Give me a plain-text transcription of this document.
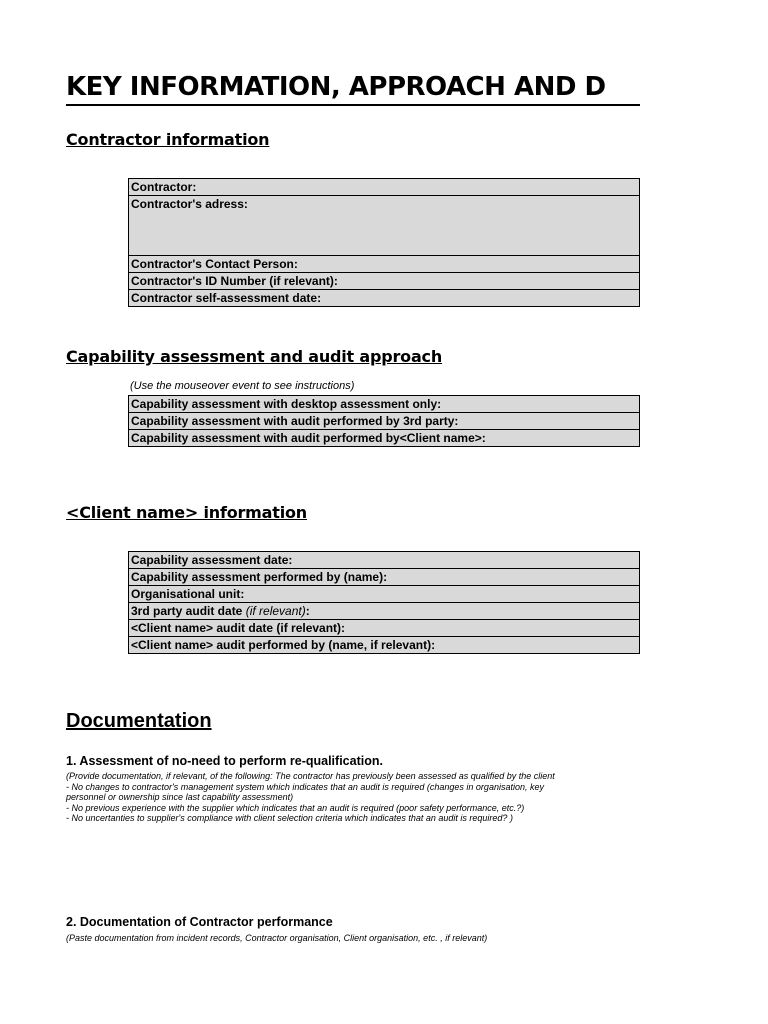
KEY INFORMATION, APPROACH AND D
Contractor information
Contractor:
Contractor's adress:
Contractor's Contact Person:
Contractor's ID Number (if relevant):
Contractor self-assessment date:
Capability assessment and audit approach
(Use the mouseover event to see instructions)
Capability assessment with desktop assessment only:
Capability assessment with audit performed by 3rd party:
Capability assessment with audit performed by<Client name>:
<Client name> information
Capability assessment date:
Capability assessment performed by (name):
Organisational unit:
3rd party audit date (if relevant):
<Client name> audit date (if relevant):
<Client name> audit performed by (name, if relevant):
Documentation
1. Assessment of no-need to perform re-qualification.
(Provide documentation, if relevant, of the following: The contractor has previously been assessed as qualified by the client
- No changes to contractor's management system which indicates that an audit is required (changes in organisation, key
personnel or ownership since last capability assessment)
- No previous experience with the supplier which indicates that an audit is required (poor safety performance, etc.?)
- No uncertanties to supplier's compliance with client selection criteria which indicates that an audit is required? )
2. Documentation of Contractor performance
(Paste documentation from incident records, Contractor organisation, Client organisation, etc. , if relevant)
